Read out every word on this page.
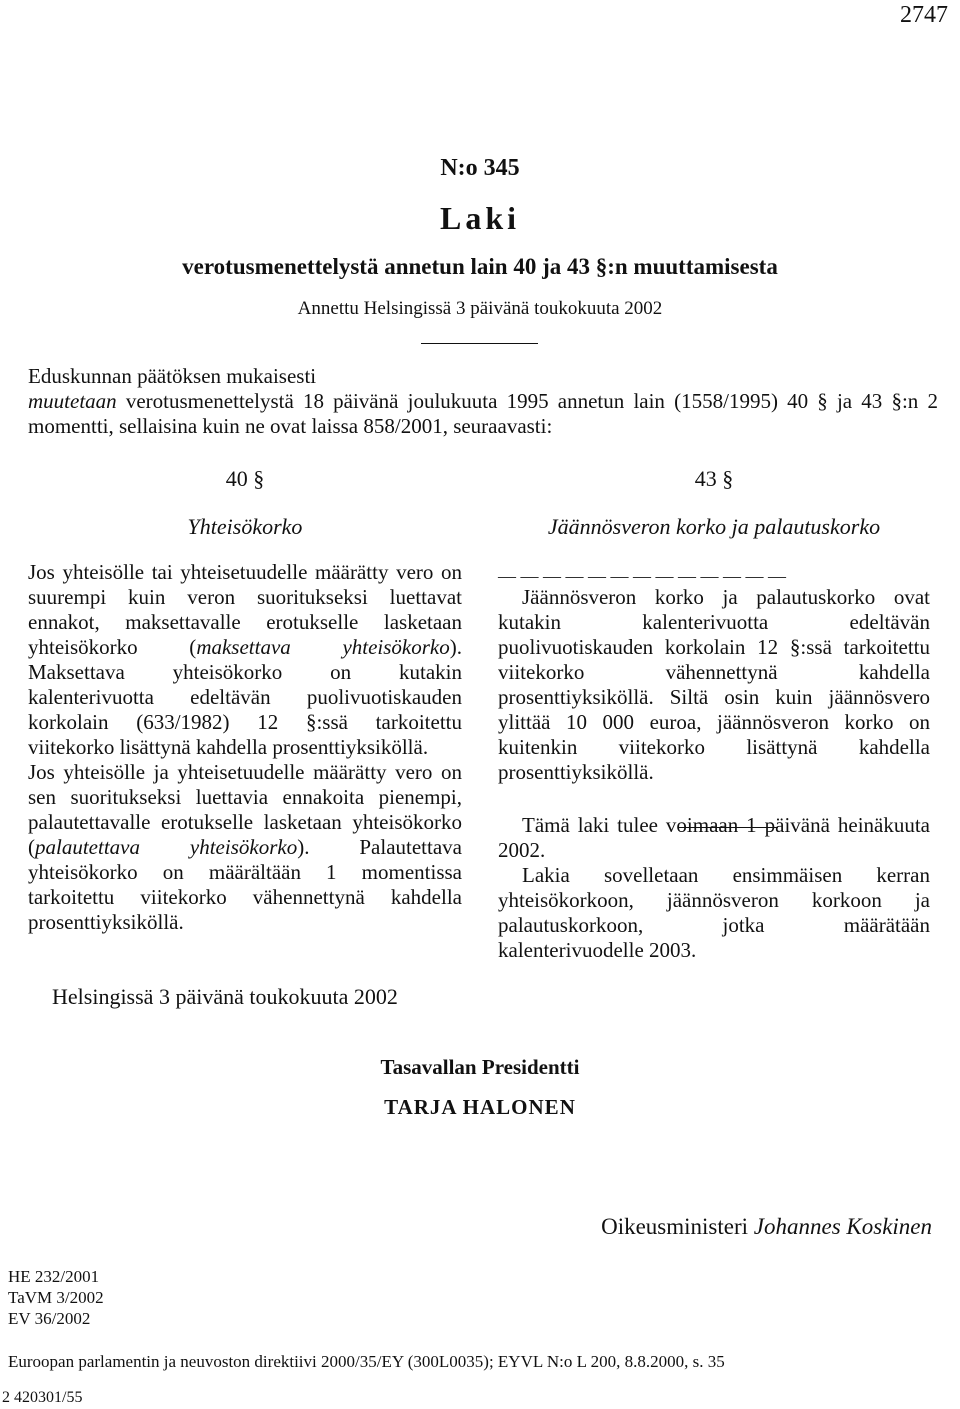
2747
N:o 345
Laki
verotusmenettelystä annetun lain 40 ja 43 §:n muuttamisesta
Annettu Helsingissä 3 päivänä toukokuuta 2002

Eduskunnan päätöksen mukaisesti

muutetaan verotusmenettelystä 18 päivänä joulukuuta 1995 annetun lain (1558/1995) 40 § ja 43 §:n 2 momentti, sellaisina kuin ne ovat laissa 858/2001, seuraavasti:

40 §
Yhteisökorko

Jos yhteisölle tai yhteisetuudelle määrätty vero on suurempi kuin veron suoritukseksi luettavat ennakot, maksettavalle erotukselle lasketaan yhteisökorko (maksettava yhteisökorko). Maksettava yhteisökorko on kutakin kalenterivuotta edeltävän puolivuotiskauden korkolain (633/1982) 12 §:ssä tarkoitettu viitekorko lisättynä kahdella prosenttiyksiköllä.

Jos yhteisölle ja yhteisetuudelle määrätty vero on sen suoritukseksi luettavia ennakoita pienempi, palautettavalle erotukselle lasketaan yhteisökorko (palautettava yhteisökorko). Palautettava yhteisökorko on määrältään 1 momentissa tarkoitettu viitekorko vähennettynä kahdella prosenttiyksiköllä.

43 §
Jäännösveron korko ja palautuskorko
— — — — — — — — — — — — —

Jäännösveron korko ja palautuskorko ovat kutakin kalenterivuotta edeltävän puolivuotiskauden korkolain 12 §:ssä tarkoitettu viitekorko vähennettynä kahdella prosenttiyksiköllä. Siltä osin kuin jäännösvero ylittää 10 000 euroa, jäännösveron korko on kuitenkin viitekorko lisättynä kahdella prosenttiyksiköllä.

Tämä laki tulee voimaan 1 päivänä heinäkuuta 2002.

Lakia sovelletaan ensimmäisen kerran yhteisökorkoon, jäännösveron korkoon ja palautuskorkoon, jotka määrätään kalenterivuodelle 2003.

Helsingissä 3 päivänä toukokuuta 2002
Tasavallan Presidentti
TARJA HALONEN
Oikeusministeri Johannes Koskinen
HE 232/2001
TaVM 3/2002
EV 36/2002
Euroopan parlamentin ja neuvoston direktiivi 2000/35/EY (300L0035); EYVL N:o L 200, 8.8.2000, s. 35
2 420301/55
